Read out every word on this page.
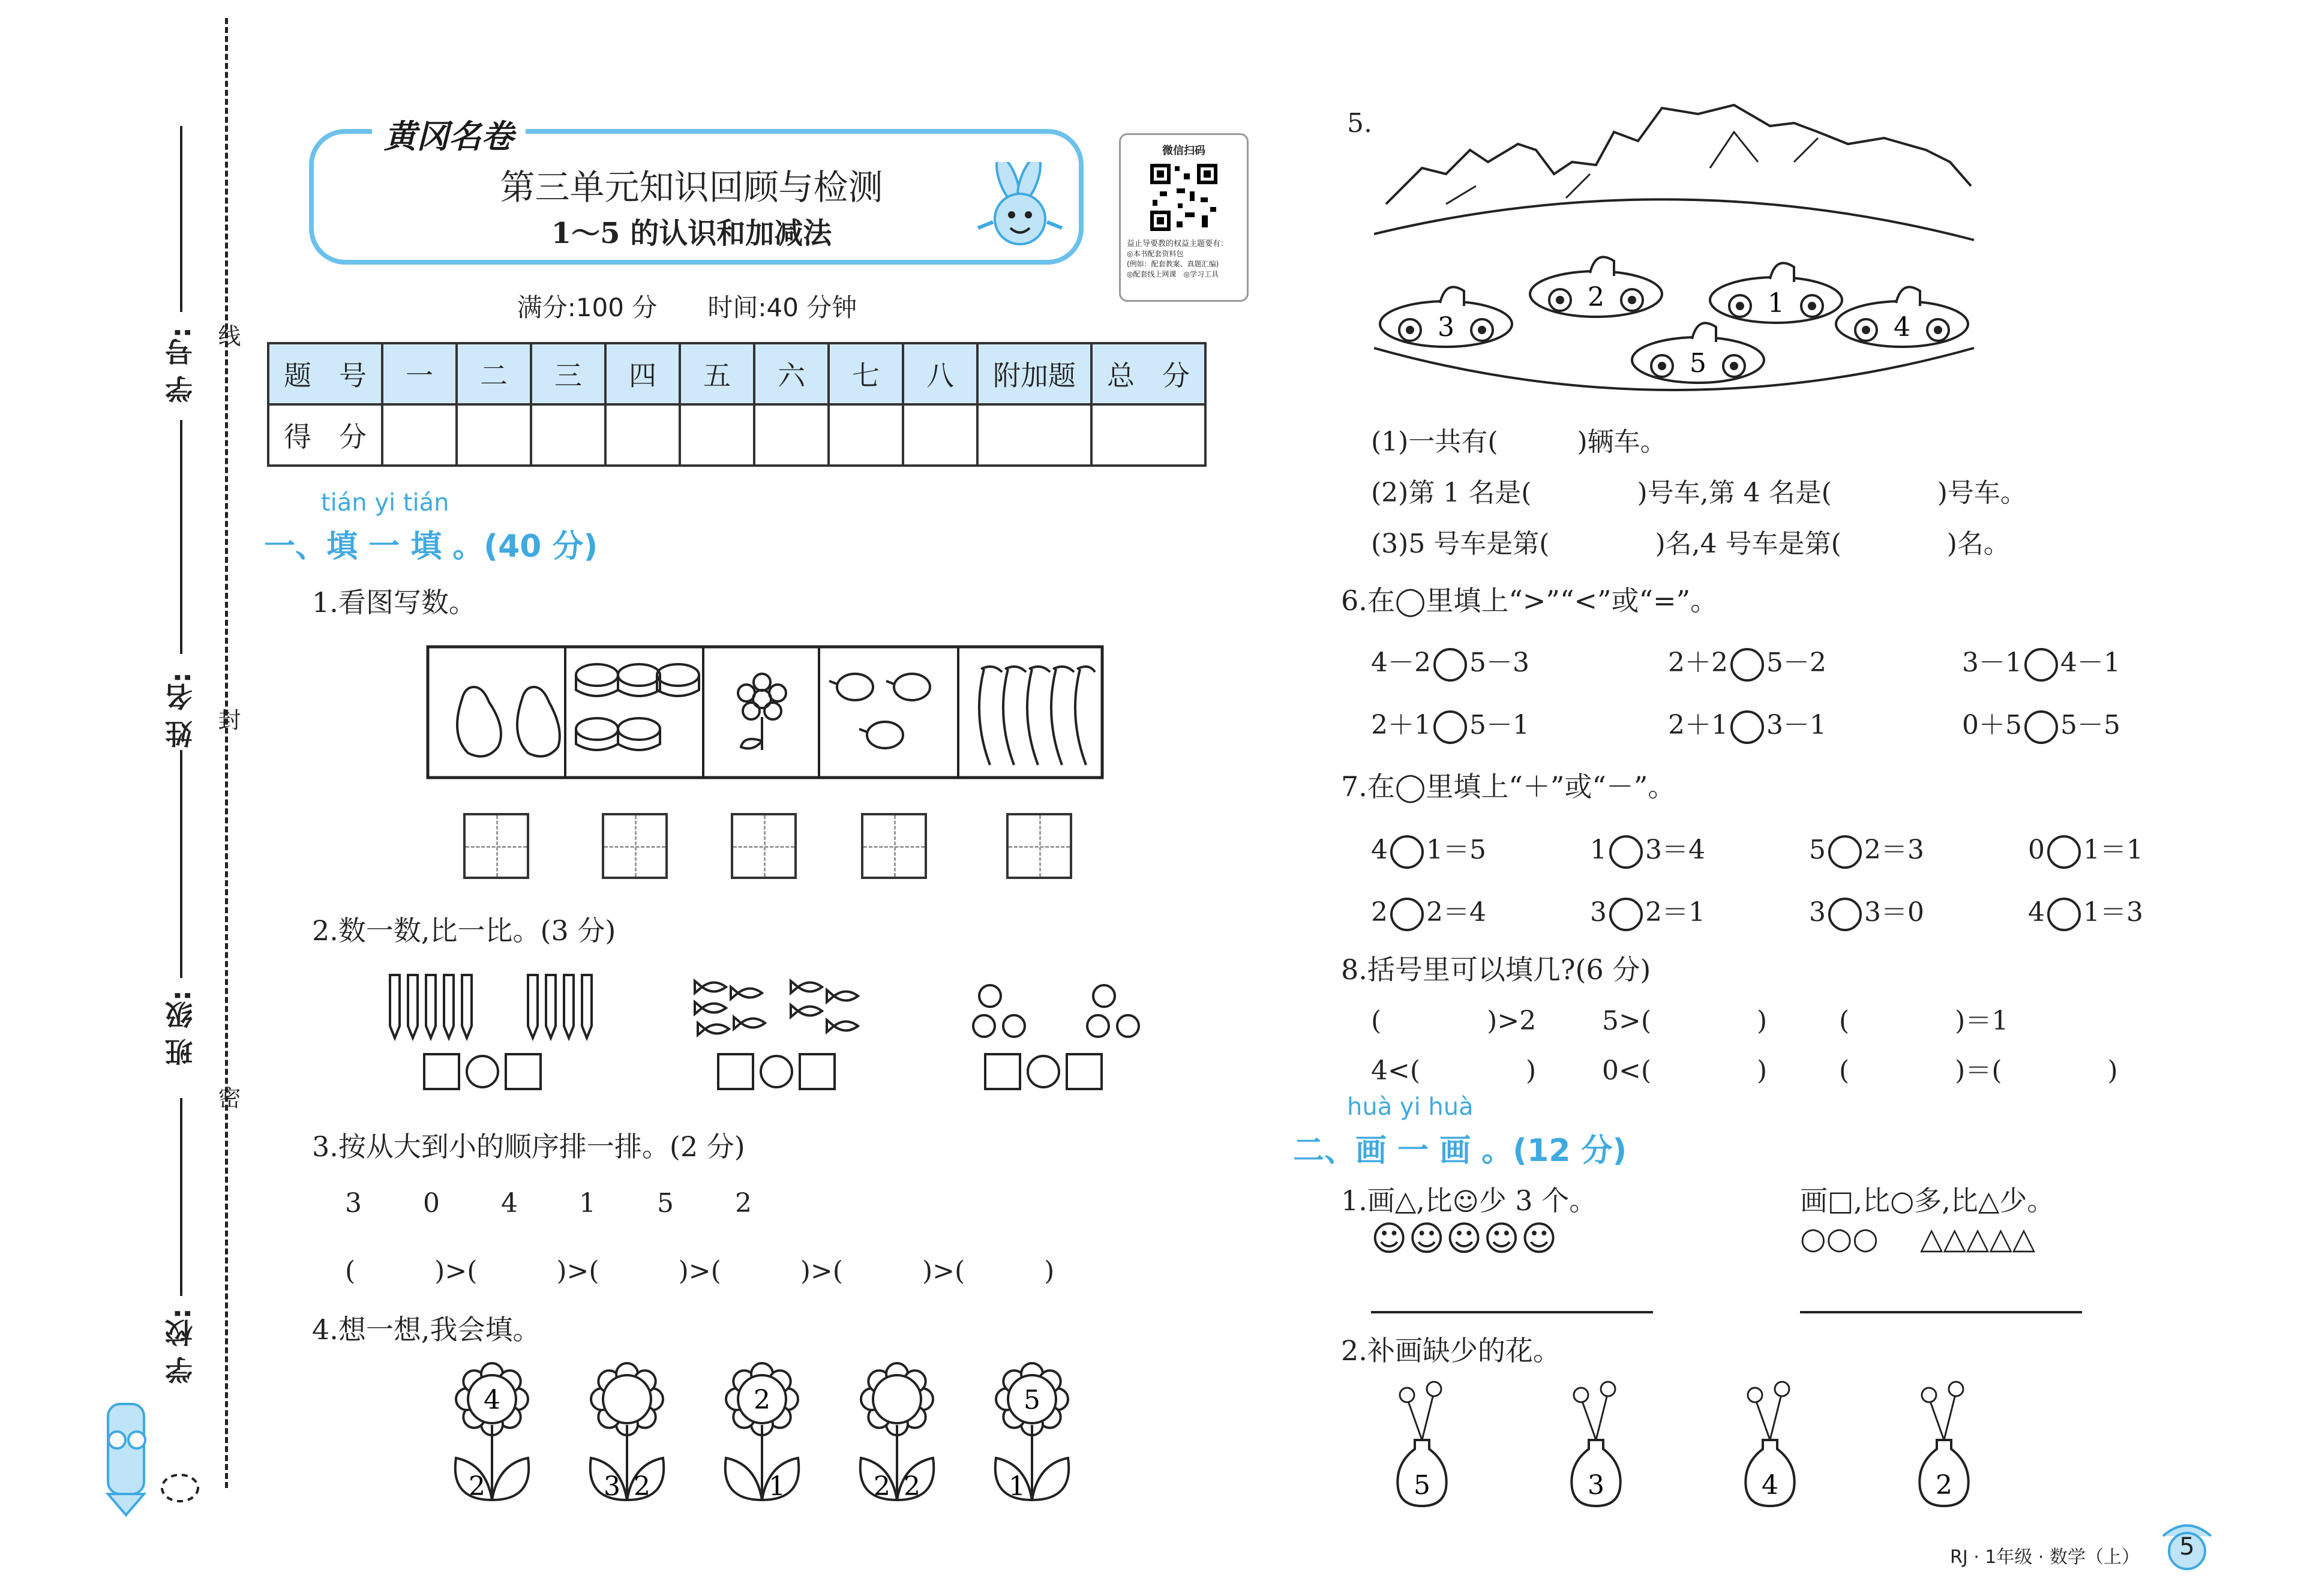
学 号: 线
姓 名: 封
班 级:
密
学 校:
黄冈名卷
第三单元知识回顾与检测
1～5 的认识和加减法
满分:100 分　　时间:40 分钟
微信扫码
益止导要教的权益主题要有：
◎本书配套资料包
(例如：配套教案、真题汇编)
◎配套线上网课　◎学习工具
题　号	一	二	三	四	五	六	七	八	附加题	总　分
得　分										
tián yi tián
一、填 一 填 。(40 分)
1.看图写数。
2.数一数,比一比。(3 分)

3.按从大到小的顺序排一排。(2 分)
3 0 4 1 5 2
(　　　)>(　　　)>(　　　)>(　　　)>(　　　)>(　　　)
4.想一想,我会填。
4
2	3 2
2
1	2 2
5
1
5.
3
2	1
5
4
(1)一共有(　　　)辆车。
(2)第 1 名是(　　　　)号车,第 4 名是(　　　　)号车。
(3)5 号车是第(　　　　)名,4 号车是第(　　　　)名。
6.在◯里填上“>”“<”或“=”。
4－2 5－3	2＋2 5－2	3－1 4－1
2＋1 5－1	2＋1 3－1	0＋5 5－5
7.在◯里填上“＋”或“－”。
4 1＝5	1 3＝4	5 2＝3	0 1＝1
2 2＝4	3 2＝1	3 3＝0	4 1＝3
8.括号里可以填几?(6 分)
(　　　　)>2 5>(　　　　)	(　　　　)＝1
4<(　　　　) 0<(　　　　)	(　　　　)＝(　　　　)
huà yi huà
二、画 一 画 。(12 分)
1.画△,比☺少 3 个。
☺☺☺☺☺
画□,比○多,比△少。
○○○ △△△△△
2.补画缺少的花。
5	3	4	2
RJ · 1年级 · 数学（上）	5
